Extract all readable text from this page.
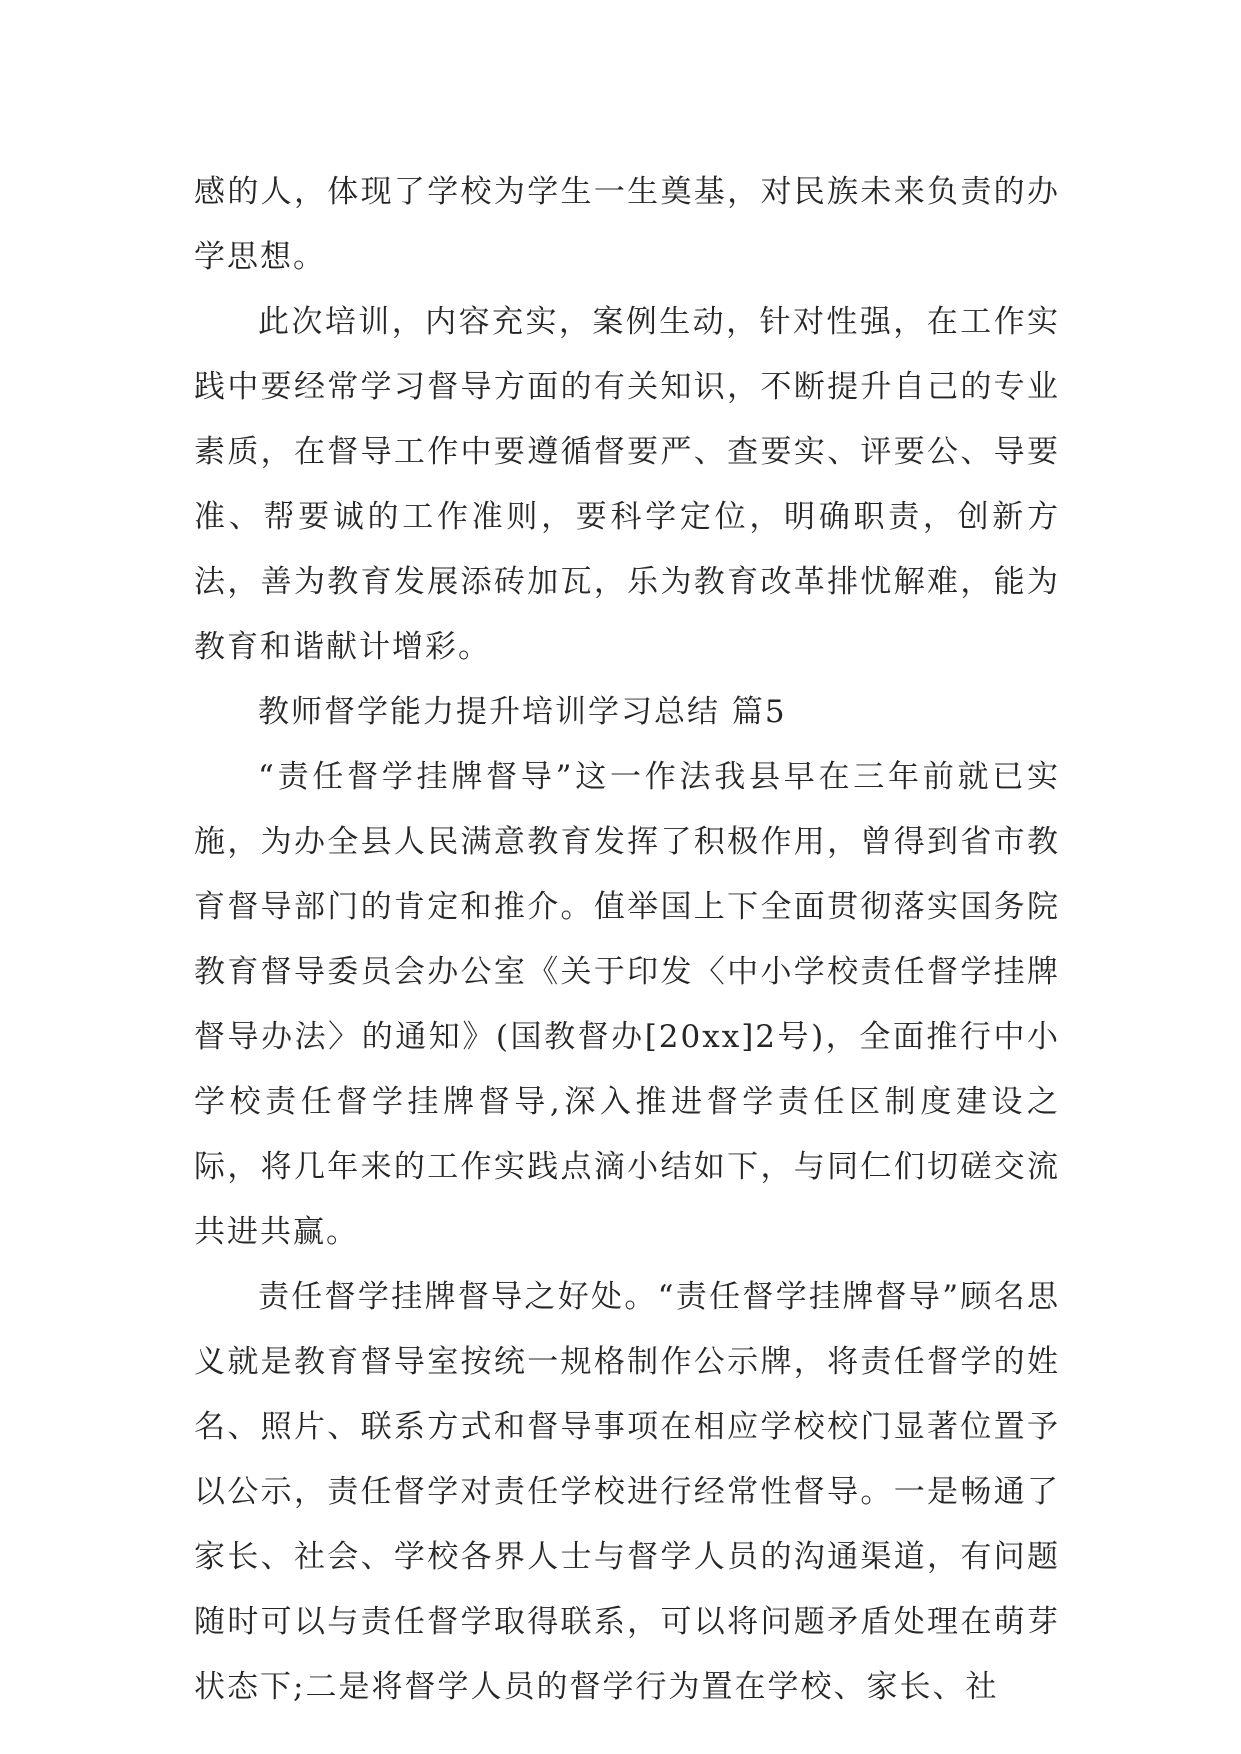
感的人，体现了学校为学生一生奠基，对民族未来负责的办学思想。

此次培训，内容充实，案例生动，针对性强，在工作实践中要经常学习督导方面的有关知识，不断提升自己的专业素质，在督导工作中要遵循督要严、查要实、评要公、导要准、帮要诚的工作准则，要科学定位，明确职责，创新方法，善为教育发展添砖加瓦，乐为教育改革排忧解难，能为教育和谐献计增彩。

教师督学能力提升培训学习总结 篇5

“责任督学挂牌督导”这一作法我县早在三年前就已实施，为办全县人民满意教育发挥了积极作用，曾得到省市教育督导部门的肯定和推介。值举国上下全面贯彻落实国务院教育督导委员会办公室《关于印发〈中小学校责任督学挂牌督导办法〉的通知》(国教督办[20xx]2号)，全面推行中小学校责任督学挂牌督导,深入推进督学责任区制度建设之际，将几年来的工作实践点滴小结如下，与同仁们切磋交流共进共赢。

责任督学挂牌督导之好处。“责任督学挂牌督导”顾名思义就是教育督导室按统一规格制作公示牌，将责任督学的姓名、照片、联系方式和督导事项在相应学校校门显著位置予以公示，责任督学对责任学校进行经常性督导。一是畅通了家长、社会、学校各界人士与督学人员的沟通渠道，有问题随时可以与责任督学取得联系，可以将问题矛盾处理在萌芽状态下;二是将督学人员的督学行为置在学校、家长、社
